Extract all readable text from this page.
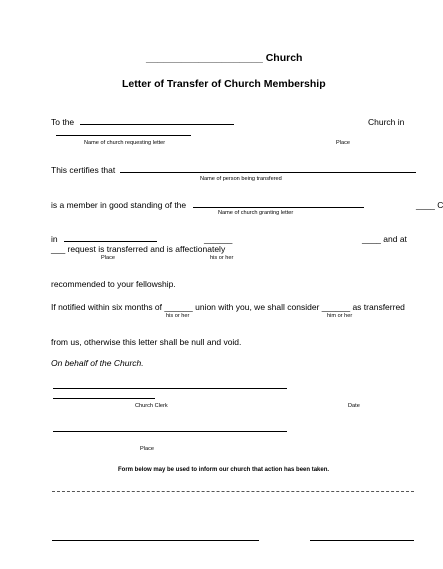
____________________ Church
Letter of Transfer of Church Membership
To the	Church in
Name of church requesting letter	Place
This certifies that
Name of person being transfered
is a member in good standing of the	____ C
Name of church granting letter
in	______	____ and at
___ request is transferred and is affectionately
Place	his or her
recommended to your fellowship.
If notified within six months of ______ union with you, we shall consider ______ as transferred
his or her	him or her
from us, otherwise this letter shall be null and void.
On behalf of the Church.
Church Clerk	Date
Place
Form below may be used to inform our church that action has been taken.
